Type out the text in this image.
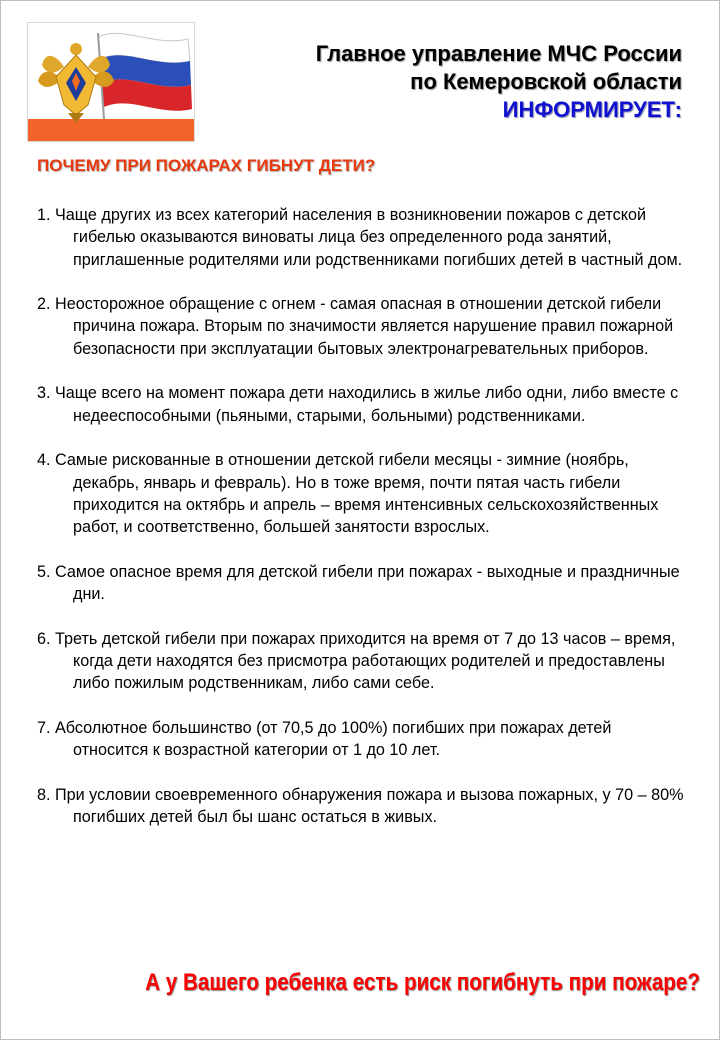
Главное управление МЧС России
по Кемеровской области
ИНФОРМИРУЕТ:
ПОЧЕМУ ПРИ ПОЖАРАХ ГИБНУТ ДЕТИ?
1. Чаще других из всех категорий населения в возникновении пожаров с детской гибелью оказываются виноваты лица без определенного рода занятий, приглашенные родителями или родственниками погибших детей в частный дом.
2. Неосторожное обращение с огнем - самая опасная в отношении детской гибели причина пожара. Вторым по значимости является нарушение правил пожарной безопасности при эксплуатации бытовых электронагревательных приборов.
3. Чаще всего на момент пожара дети находились в жилье либо одни, либо вместе с недееспособными (пьяными, старыми, больными) родственниками.
4. Самые рискованные в отношении детской гибели месяцы - зимние (ноябрь, декабрь, январь и февраль). Но в тоже время, почти пятая часть гибели приходится на октябрь и апрель – время интенсивных сельскохозяйственных работ, и соответственно, большей занятости взрослых.
5. Самое опасное время для детской гибели при пожарах - выходные и праздничные дни.
6. Треть детской гибели при пожарах приходится на время от 7 до 13 часов – время, когда дети находятся без присмотра работающих родителей и предоставлены либо пожилым родственникам, либо сами себе.
7. Абсолютное большинство (от 70,5 до 100%) погибших при пожарах детей относится к возрастной категории от 1 до 10 лет.
8. При условии своевременного обнаружения пожара и вызова пожарных, у 70 – 80% погибших детей был бы шанс остаться в живых.
А у Вашего ребенка есть риск погибнуть при пожаре?
